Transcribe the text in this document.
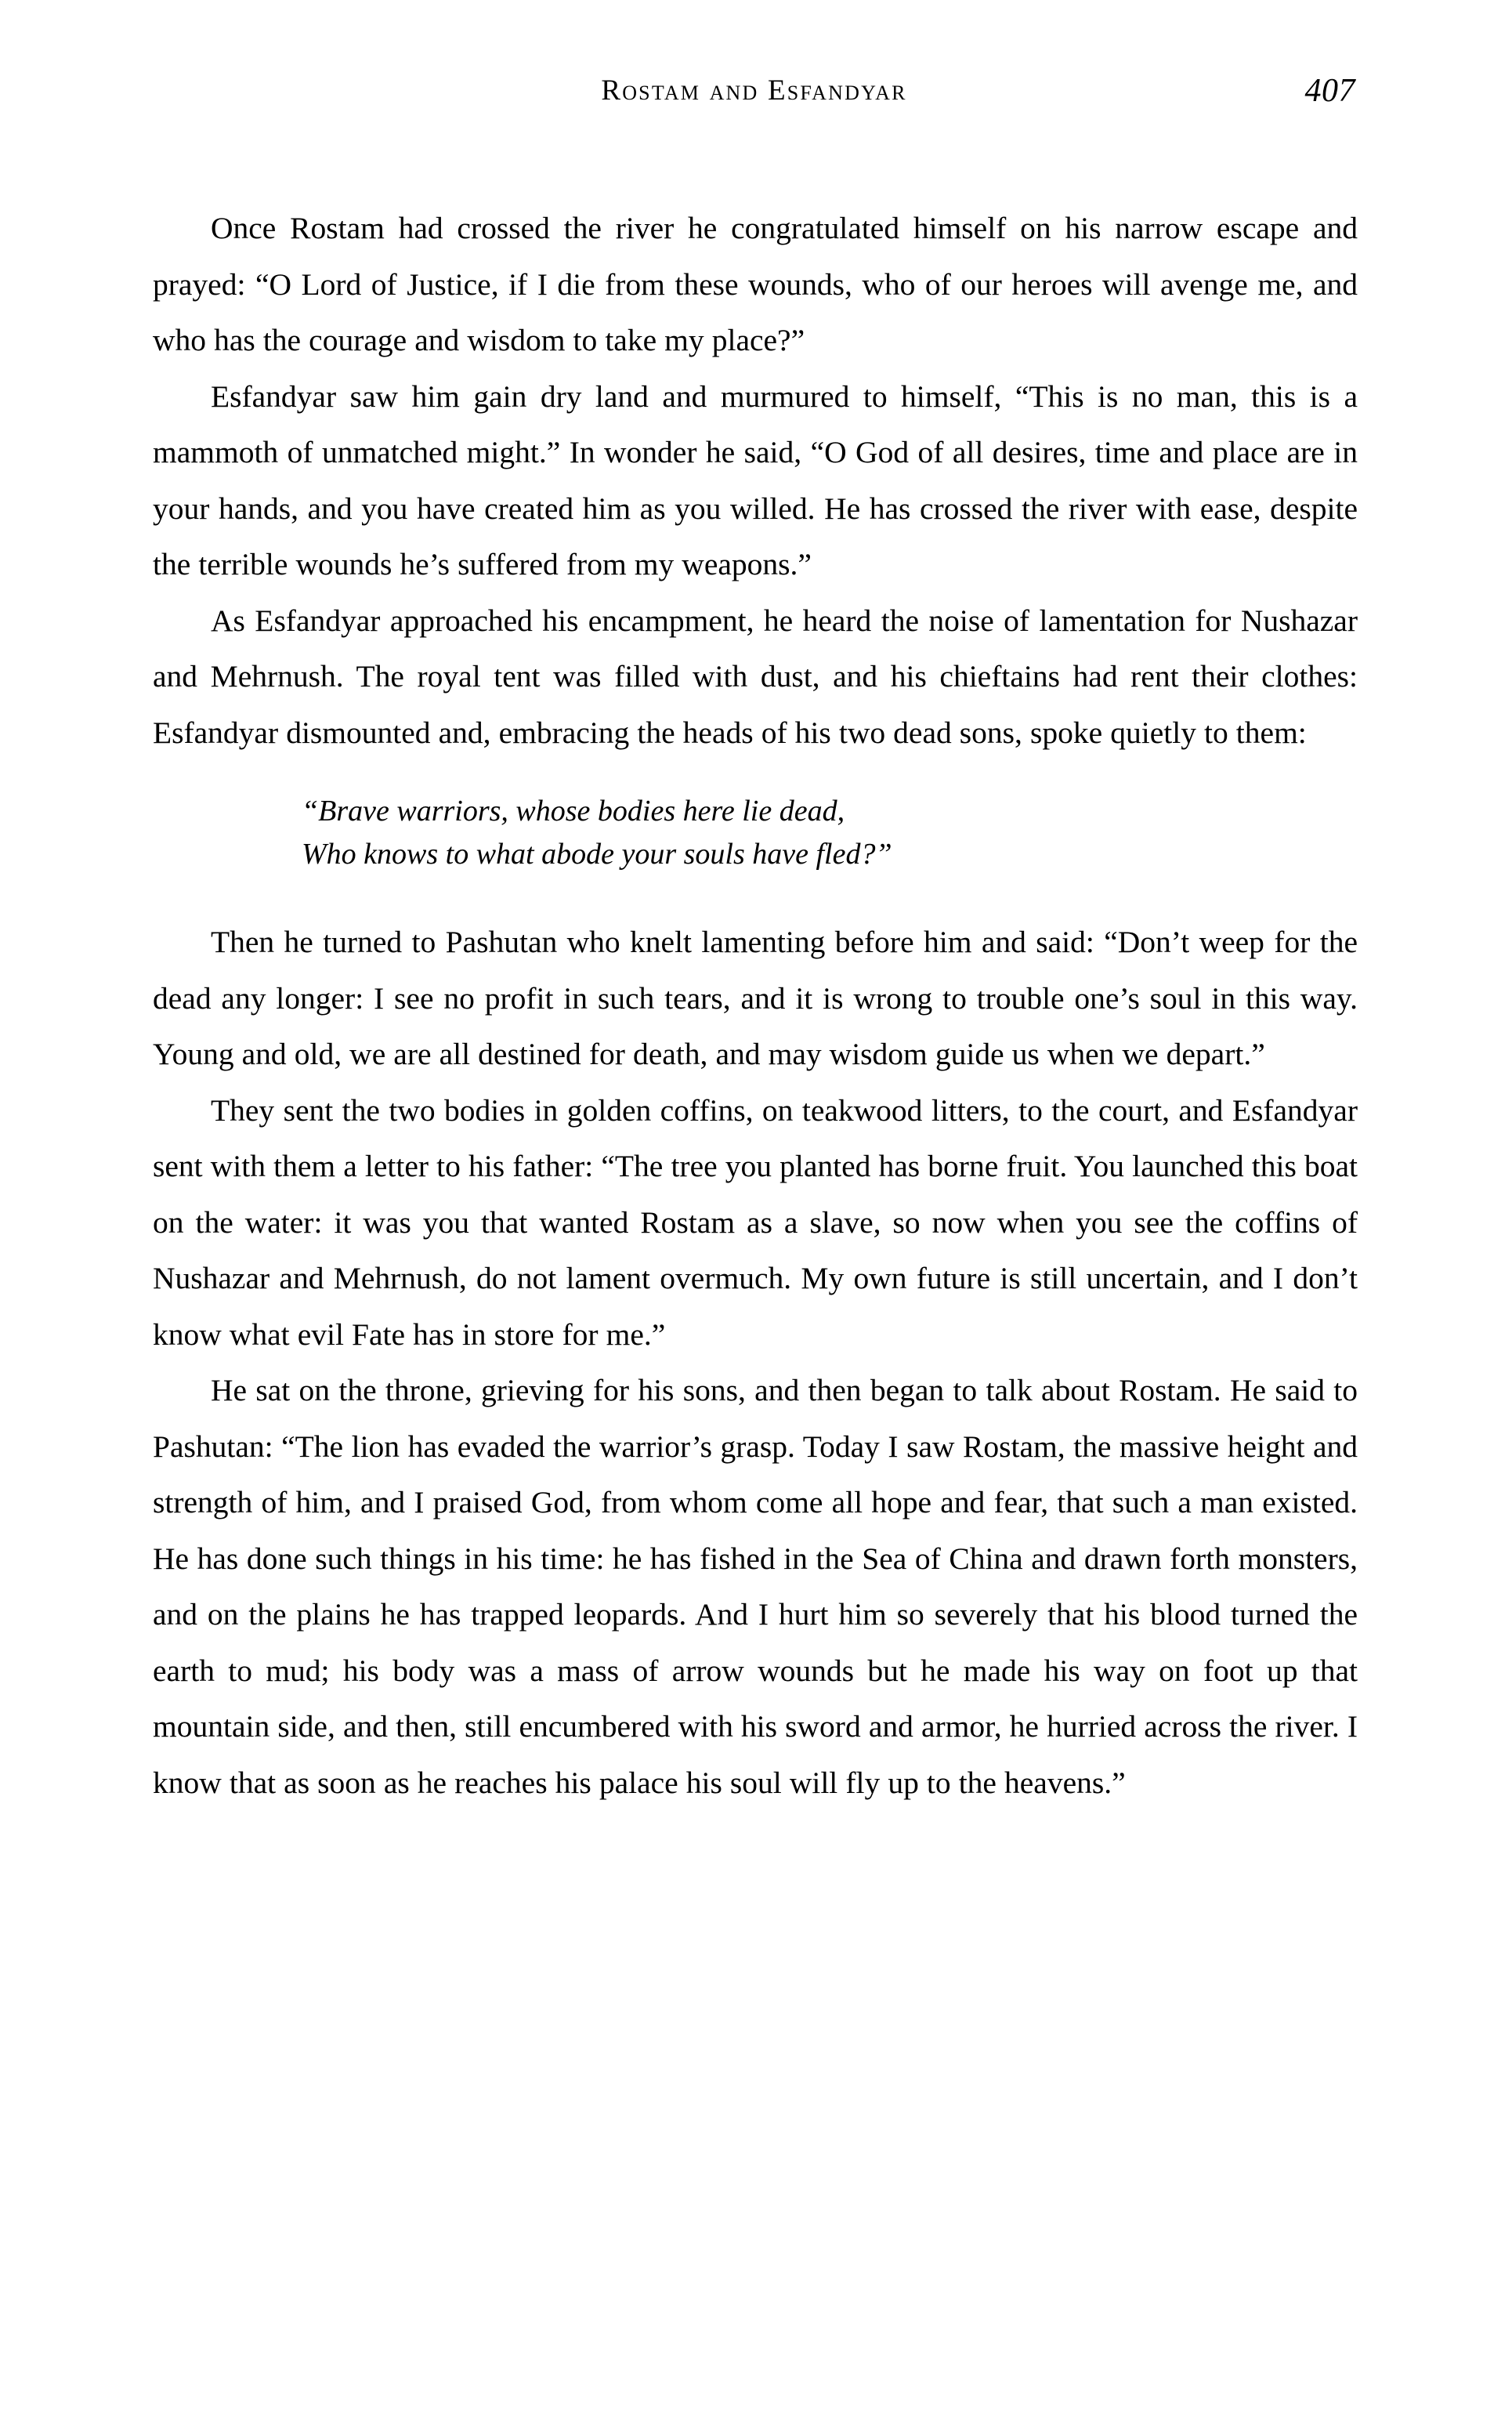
Rostam and Esfandyar	407

Once Rostam had crossed the river he congratulated himself on his narrow escape and prayed: “O Lord of Justice, if I die from these wounds, who of our heroes will avenge me, and who has the courage and wisdom to take my place?”

Esfandyar saw him gain dry land and murmured to himself, “This is no man, this is a mammoth of unmatched might.” In wonder he said, “O God of all desires, time and place are in your hands, and you have created him as you willed. He has crossed the river with ease, despite the terrible wounds he’s suffered from my weapons.”

As Esfandyar approached his encampment, he heard the noise of lamentation for Nushazar and Mehrnush. The royal tent was filled with dust, and his chieftains had rent their clothes: Esfandyar dismounted and, embracing the heads of his two dead sons, spoke quietly to them:

“Brave warriors, whose bodies here lie dead,

Who knows to what abode your souls have fled?”

Then he turned to Pashutan who knelt lamenting before him and said: “Don’t weep for the dead any longer: I see no profit in such tears, and it is wrong to trouble one’s soul in this way. Young and old, we are all destined for death, and may wisdom guide us when we depart.”

They sent the two bodies in golden coffins, on teakwood litters, to the court, and Esfandyar sent with them a letter to his father: “The tree you planted has borne fruit. You launched this boat on the water: it was you that wanted Rostam as a slave, so now when you see the coffins of Nushazar and Mehrnush, do not lament overmuch. My own future is still uncertain, and I don’t know what evil Fate has in store for me.”

He sat on the throne, grieving for his sons, and then began to talk about Rostam. He said to Pashutan: “The lion has evaded the warrior’s grasp. Today I saw Rostam, the massive height and strength of him, and I praised God, from whom come all hope and fear, that such a man existed. He has done such things in his time: he has fished in the Sea of China and drawn forth monsters, and on the plains he has trapped leopards. And I hurt him so severely that his blood turned the earth to mud; his body was a mass of arrow wounds but he made his way on foot up that mountain side, and then, still encumbered with his sword and armor, he hurried across the river. I know that as soon as he reaches his palace his soul will fly up to the heavens.”
